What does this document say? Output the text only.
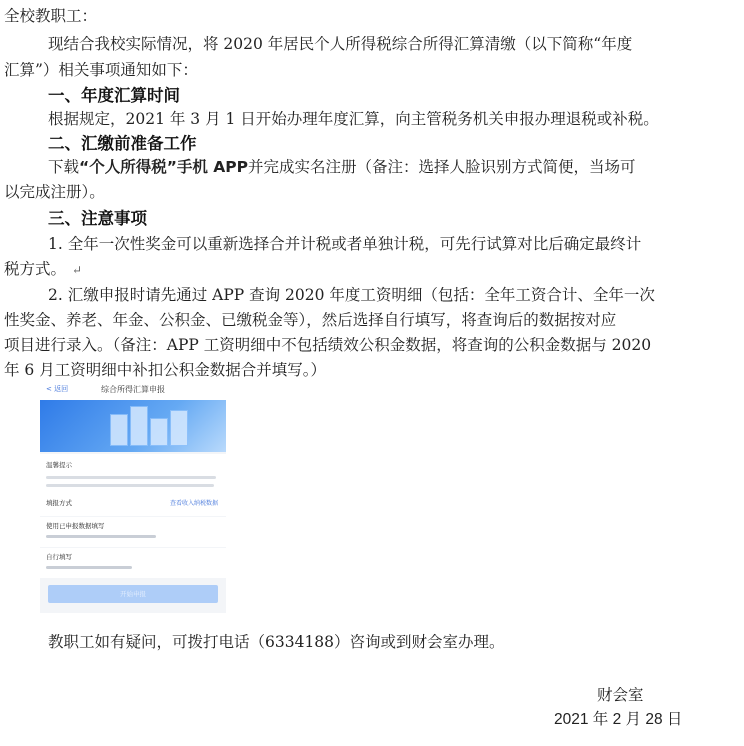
全校教职工：
现结合我校实际情况，将 2020 年居民个人所得税综合所得汇算清缴（以下简称“年度
汇算”）相关事项通知如下：
一、年度汇算时间
根据规定，2021 年 3 月 1 日开始办理年度汇算，向主管税务机关申报办理退税或补税。
二、汇缴前准备工作
下载“个人所得税”手机 APP并完成实名注册（备注：选择人脸识别方式简便，当场可
以完成注册）。
三、注意事项
1. 全年一次性奖金可以重新选择合并计税或者单独计税，可先行试算对比后确定最终计
税方式。 ↵
2. 汇缴申报时请先通过 APP 查询 2020 年度工资明细（包括：全年工资合计、全年一次
性奖金、养老、年金、公积金、已缴税金等），然后选择自行填写，将查询后的数据按对应
项目进行录入。（备注：APP 工资明细中不包括绩效公积金数据，将查询的公积金数据与 2020
年 6 月工资明细中补扣公积金数据合并填写。）
< 返回	综合所得汇算申报
温馨提示
填报方式	查看收入纳税数据
使用已申报数据填写
自行填写
开始申报
教职工如有疑问，可拨打电话（6334188）咨询或到财会室办理。
财会室
2021 年 2 月 28 日
